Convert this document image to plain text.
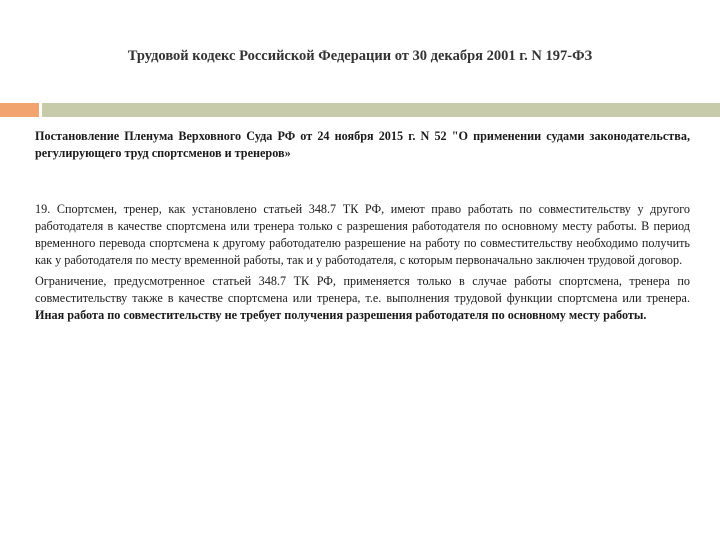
Трудовой кодекс Российской Федерации от 30 декабря 2001 г. N 197-ФЗ

Постановление Пленума Верховного Суда РФ от 24 ноября 2015 г. N 52 "О применении судами законодательства, регулирующего труд спортсменов и тренеров»

19. Спортсмен, тренер, как установлено статьей 348.7 ТК РФ, имеют право работать по совместительству у другого работодателя в качестве спортсмена или тренера только с разрешения работодателя по основному месту работы. В период временного перевода спортсмена к другому работодателю разрешение на работу по совместительству необходимо получить как у работодателя по месту временной работы, так и у работодателя, с которым первоначально заключен трудовой договор.

Ограничение, предусмотренное статьей 348.7 ТК РФ, применяется только в случае работы спортсмена, тренера по совместительству также в качестве спортсмена или тренера, т.е. выполнения трудовой функции спортсмена или тренера. Иная работа по совместительству не требует получения разрешения работодателя по основному месту работы.
